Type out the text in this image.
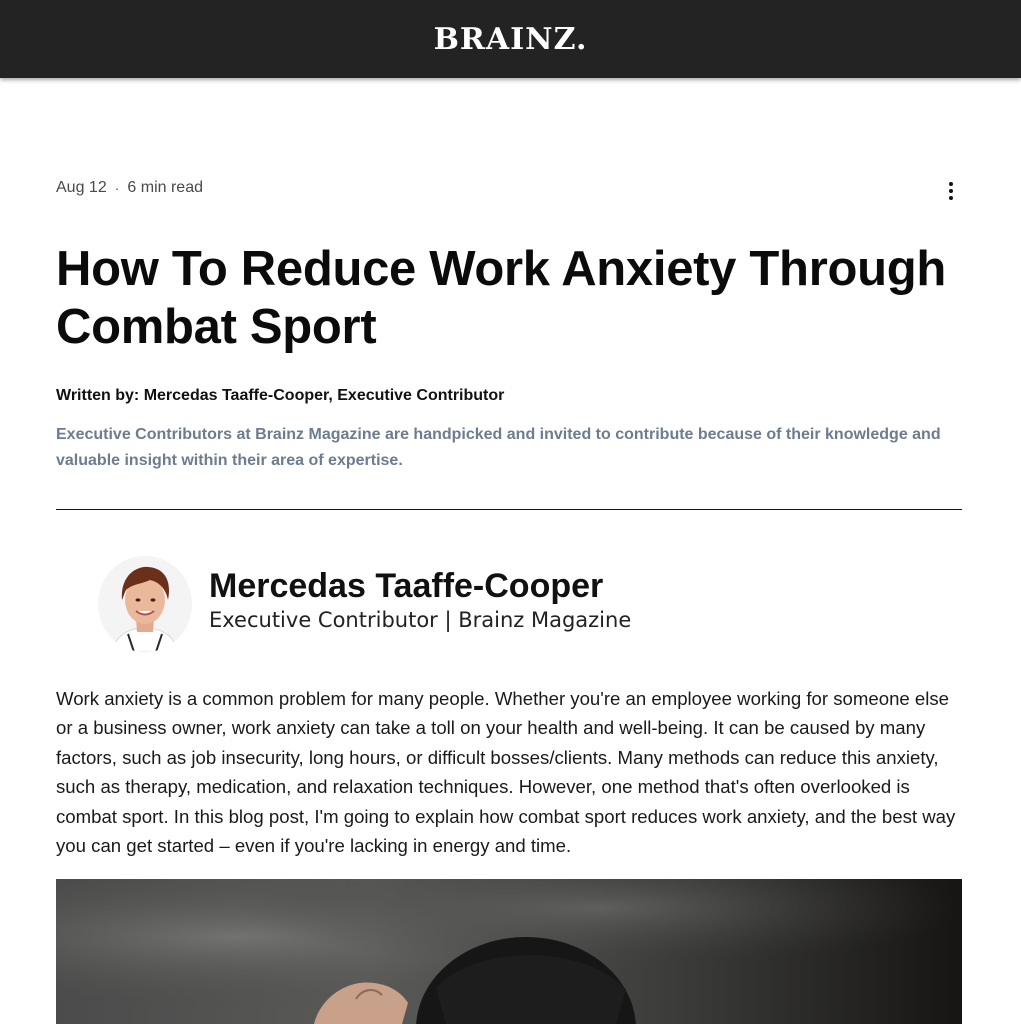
BRAINZ.
Aug 12 · 6 min read
How To Reduce Work Anxiety Through Combat Sport
Written by: Mercedas Taaffe-Cooper, Executive Contributor
Executive Contributors at Brainz Magazine are handpicked and invited to contribute because of their knowledge and valuable insight within their area of expertise.
Mercedas Taaffe-Cooper
Executive Contributor | Brainz Magazine

Work anxiety is a common problem for many people. Whether you're an employee working for someone else or a business owner, work anxiety can take a toll on your health and well-being. It can be caused by many factors, such as job insecurity, long hours, or difficult bosses/clients. Many methods can reduce this anxiety, such as therapy, medication, and relaxation techniques. However, one method that's often overlooked is combat sport. In this blog post, I'm going to explain how combat sport reduces work anxiety, and the best way you can get started – even if you're lacking in energy and time.
